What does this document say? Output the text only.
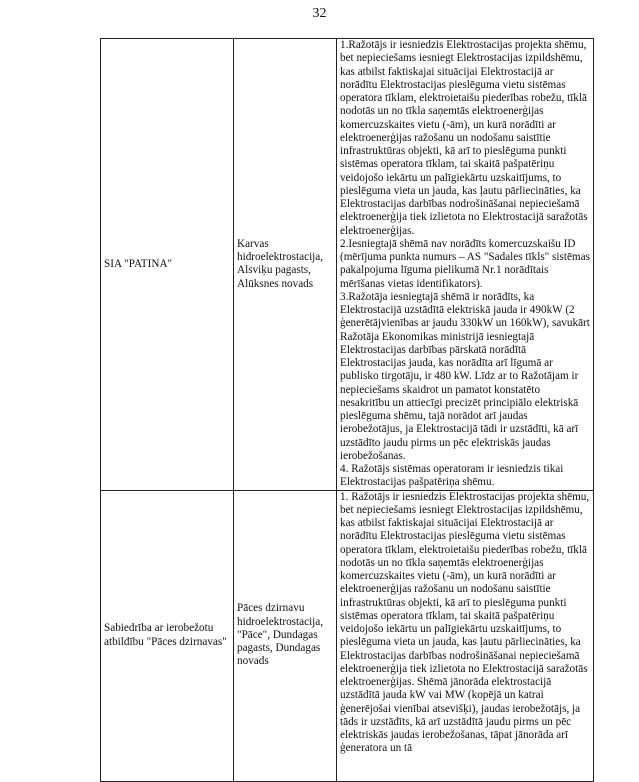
32
SIA "PATINA"	Karvas hidroelektrostacija, Alsviķu pagasts, Alūksnes novads	1.Ražotājs ir iesniedzis Elektrostacijas projekta shēmu, bet nepieciešams iesniegt Elektrostacijas izpildshēmu, kas atbilst faktiskajai situācijai Elektrostacijā ar norādītu Elektrostacijas pieslēguma vietu sistēmas operatora tīklam, elektroietaišu piederības robežu, tīklā nodotās un no tīkla saņemtās elektroenerģijas komercuzskaites vietu (-ām), un kurā norādīti ar elektroenerģijas ražošanu un nodošanu saistītie infrastruktūras objekti, kā arī to pieslēguma punkti sistēmas operatora tīklam, tai skaitā pašpatēriņu veidojošo iekārtu un palīgiekārtu uzskaitījums, to pieslēguma vieta un jauda, kas ļautu pārliecināties, ka Elektrostacijas darbības nodrošināšanai nepieciešamā elektroenerģija tiek izlietota no Elektrostacijā saražotās elektroenerģijas.
2.Iesniegtajā shēmā nav norādīts komercuzskaišu ID (mērījuma punkta numurs – AS "Sadales tīkls" sistēmas pakalpojuma līguma pielikumā Nr.1 norādītais mērīšanas vietas identifikators).
3.Ražotāja iesniegtajā shēmā ir norādīts, ka Elektrostacijā uzstādītā elektriskā jauda ir 490kW (2 ģenerētājvienības ar jaudu 330kW un 160kW), savukārt Ražotāja Ekonomikas ministrijā iesniegtajā Elektrostacijas darbības pārskatā norādītā Elektrostacijas jauda, kas norādīta arī līgumā ar publisko tirgotāju, ir 480 kW. Līdz ar to Ražotājam ir nepieciešams skaidrot un pamatot konstatēto nesakritību un attiecīgi precizēt principiālo elektriskā pieslēguma shēmu, tajā norādot arī jaudas ierobežotājus, ja Elektrostacijā tādi ir uzstādīti, kā arī uzstādīto jaudu pirms un pēc elektriskās jaudas ierobežošanas.
4. Ražotājs sistēmas operatoram ir iesniedzis tikai Elektrostacijas pašpatēriņa shēmu.

Sabiedrība ar ierobežotu atbildību "Pāces dzirnavas"	Pāces dzirnavu hidroelektrostacija, "Pāce", Dundagas pagasts, Dundagas novads	1. Ražotājs ir iesniedzis Elektrostacijas projekta shēmu, bet nepieciešams iesniegt Elektrostacijas izpildshēmu, kas atbilst faktiskajai situācijai Elektrostacijā ar norādītu Elektrostacijas pieslēguma vietu sistēmas operatora tīklam, elektroietaišu piederības robežu, tīklā nodotās un no tīkla saņemtās elektroenerģijas komercuzskaites vietu (-ām), un kurā norādīti ar elektroenerģijas ražošanu un nodošanu saistītie infrastruktūras objekti, kā arī to pieslēguma punkti sistēmas operatora tīklam, tai skaitā pašpatēriņu veidojošo iekārtu un palīgiekārtu uzskaitījums, to pieslēguma vieta un jauda, kas ļautu pārliecināties, ka Elektrostacijas darbības nodrošināšanai nepieciešamā elektroenerģija tiek izlietota no Elektrostacijā saražotās elektroenerģijas. Shēmā jānorāda elektrostacijā uzstādītā jauda kW vai MW (kopējā un katrai ģenerējošai vienībai atsevišķi), jaudas ierobežotājs, ja tāds ir uzstādīts, kā arī uzstādītā jaudu pirms un pēc elektriskās jaudas ierobežošanas, tāpat jānorāda arī ģeneratora un tā
